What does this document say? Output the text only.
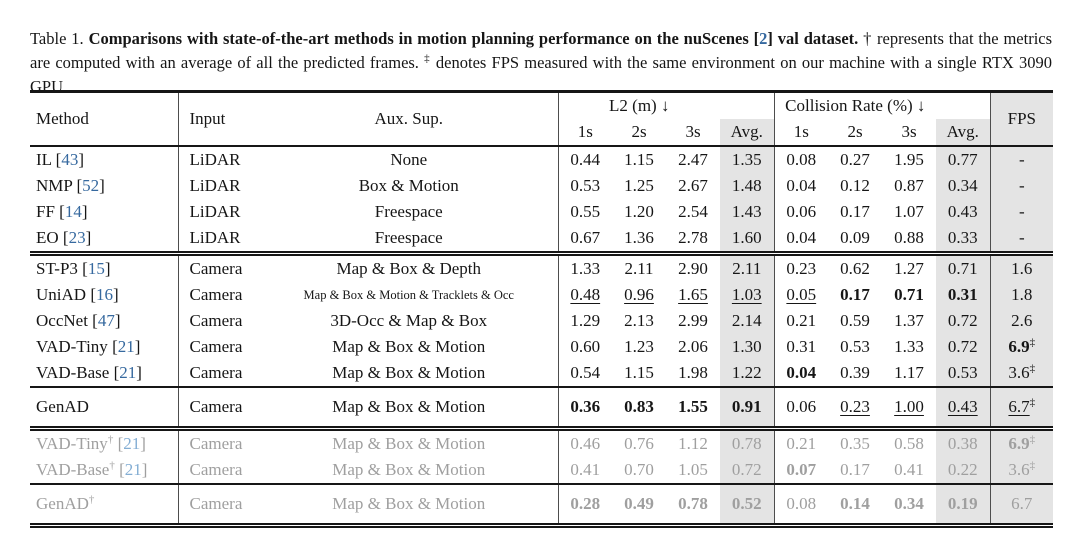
Table 1. Comparisons with state-of-the-art methods in motion planning performance on the nuScenes [2] val dataset. † represents that the metrics are computed with an average of all the predicted frames. ‡ denotes FPS measured with the same environment on our machine with a single RTX 3090 GPU.

Method	Input	Aux. Sup.	L2 (m) ↓				Collision Rate (%) ↓				FPS
			1s	2s	3s	Avg.	1s	2s	3s	Avg.	
IL [43]	LiDAR	None	0.44	1.15	2.47	1.35	0.08	0.27	1.95	0.77	-
NMP [52]	LiDAR	Box & Motion	0.53	1.25	2.67	1.48	0.04	0.12	0.87	0.34	-
FF [14]	LiDAR	Freespace	0.55	1.20	2.54	1.43	0.06	0.17	1.07	0.43	-
EO [23]	LiDAR	Freespace	0.67	1.36	2.78	1.60	0.04	0.09	0.88	0.33	-
ST-P3 [15]	Camera	Map & Box & Depth	1.33	2.11	2.90	2.11	0.23	0.62	1.27	0.71	1.6
UniAD [16]	Camera	Map & Box & Motion & Tracklets & Occ	0.48	0.96	1.65	1.03	0.05	0.17	0.71	0.31	1.8
OccNet [47]	Camera	3D-Occ & Map & Box	1.29	2.13	2.99	2.14	0.21	0.59	1.37	0.72	2.6
VAD-Tiny [21]	Camera	Map & Box & Motion	0.60	1.23	2.06	1.30	0.31	0.53	1.33	0.72	6.9‡
VAD-Base [21]	Camera	Map & Box & Motion	0.54	1.15	1.98	1.22	0.04	0.39	1.17	0.53	3.6‡
GenAD	Camera	Map & Box & Motion	0.36	0.83	1.55	0.91	0.06	0.23	1.00	0.43	6.7‡
VAD-Tiny† [21]	Camera	Map & Box & Motion	0.46	0.76	1.12	0.78	0.21	0.35	0.58	0.38	6.9‡
VAD-Base† [21]	Camera	Map & Box & Motion	0.41	0.70	1.05	0.72	0.07	0.17	0.41	0.22	3.6‡
GenAD†	Camera	Map & Box & Motion	0.28	0.49	0.78	0.52	0.08	0.14	0.34	0.19	6.7
